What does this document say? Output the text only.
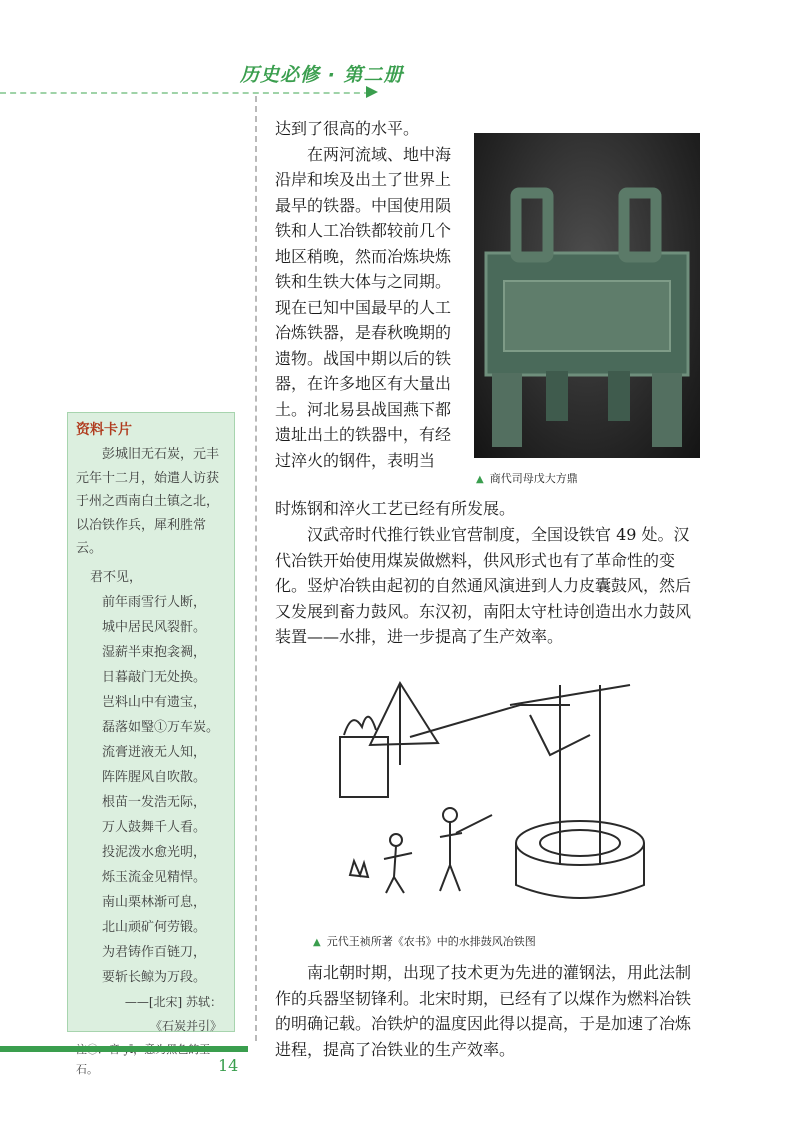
历史必修 · 第二册

达到了很高的水平。

在两河流域、地中海沿岸和埃及出土了世界上最早的铁器。中国使用陨铁和人工冶铁都较前几个地区稍晚，然而冶炼块炼铁和生铁大体与之同期。现在已知中国最早的人工冶炼铁器，是春秋晚期的遗物。战国中期以后的铁器，在许多地区有大量出土。河北易县战国燕下都遗址出土的铁器中，有经过淬火的钢件，表明当

▲ 商代司母戊大方鼎
时炼钢和淬火工艺已经有所发展。
汉武帝时代推行铁业官营制度，全国设铁官 49 处。汉代冶铁开始使用煤炭做燃料，供风形式也有了革命性的变化。竖炉冶铁由起初的自然通风演进到人力皮囊鼓风，然后又发展到畜力鼓风。东汉初，南阳太守杜诗创造出水力鼓风装置——水排，进一步提高了生产效率。
▲ 元代王祯所著《农书》中的水排鼓风冶铁图
南北朝时期，出现了技术更为先进的灌钢法，用此法制作的兵器坚韧锋利。北宋时期，已经有了以煤作为燃料冶铁的明确记载。冶铁炉的温度因此得以提高，于是加速了冶炼进程，提高了冶铁业的生产效率。
资料卡片

彭城旧无石炭，元丰元年十二月，始遣人访获于州之西南白土镇之北，以冶铁作兵，犀利胜常云。

君不见，
前年雨雪行人断，
城中居民风裂骭。
湿薪半束抱衾裯，
日暮敲门无处换。
岂料山中有遗宝，
磊落如瑿①万车炭。
流膏迸液无人知，
阵阵腥风自吹散。
根苗一发浩无际，
万人鼓舞千人看。
投泥泼水愈光明，
烁玉流金见精悍。
南山栗林渐可息，
北山顽矿何劳锻。
为君铸作百链刀，
要斩长鲸为万段。

——[北宋] 苏轼：

《石炭并引》

石。	14
